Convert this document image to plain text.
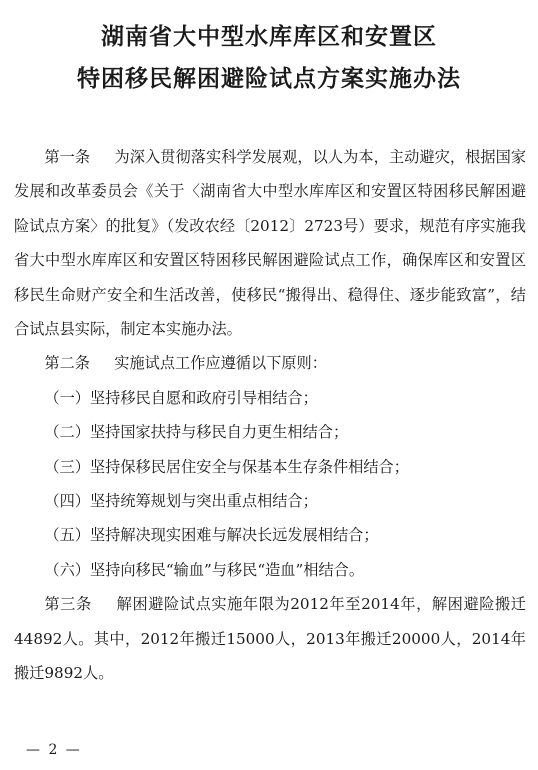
湖南省大中型水库库区和安置区
特困移民解困避险试点方案实施办法

第一条 为深入贯彻落实科学发展观，以人为本，主动避灾，根据国家发展和改革委员会《关于〈湖南省大中型水库库区和安置区特困移民解困避险试点方案〉的批复》（发改农经〔2012〕2723号）要求，规范有序实施我省大中型水库库区和安置区特困移民解困避险试点工作，确保库区和安置区移民生命财产安全和生活改善，使移民“搬得出、稳得住、逐步能致富”，结合试点县实际，制定本实施办法。

第二条 实施试点工作应遵循以下原则：

（一）坚持移民自愿和政府引导相结合；

（二）坚持国家扶持与移民自力更生相结合；

（三）坚持保移民居住安全与保基本生存条件相结合；

（四）坚持统筹规划与突出重点相结合；

（五）坚持解决现实困难与解决长远发展相结合；

（六）坚持向移民“输血”与移民“造血”相结合。

第三条 解困避险试点实施年限为2012年至2014年，解困避险搬迁44892人。其中，2012年搬迁15000人，2013年搬迁20000人，2014年搬迁9892人。

— 2 —
